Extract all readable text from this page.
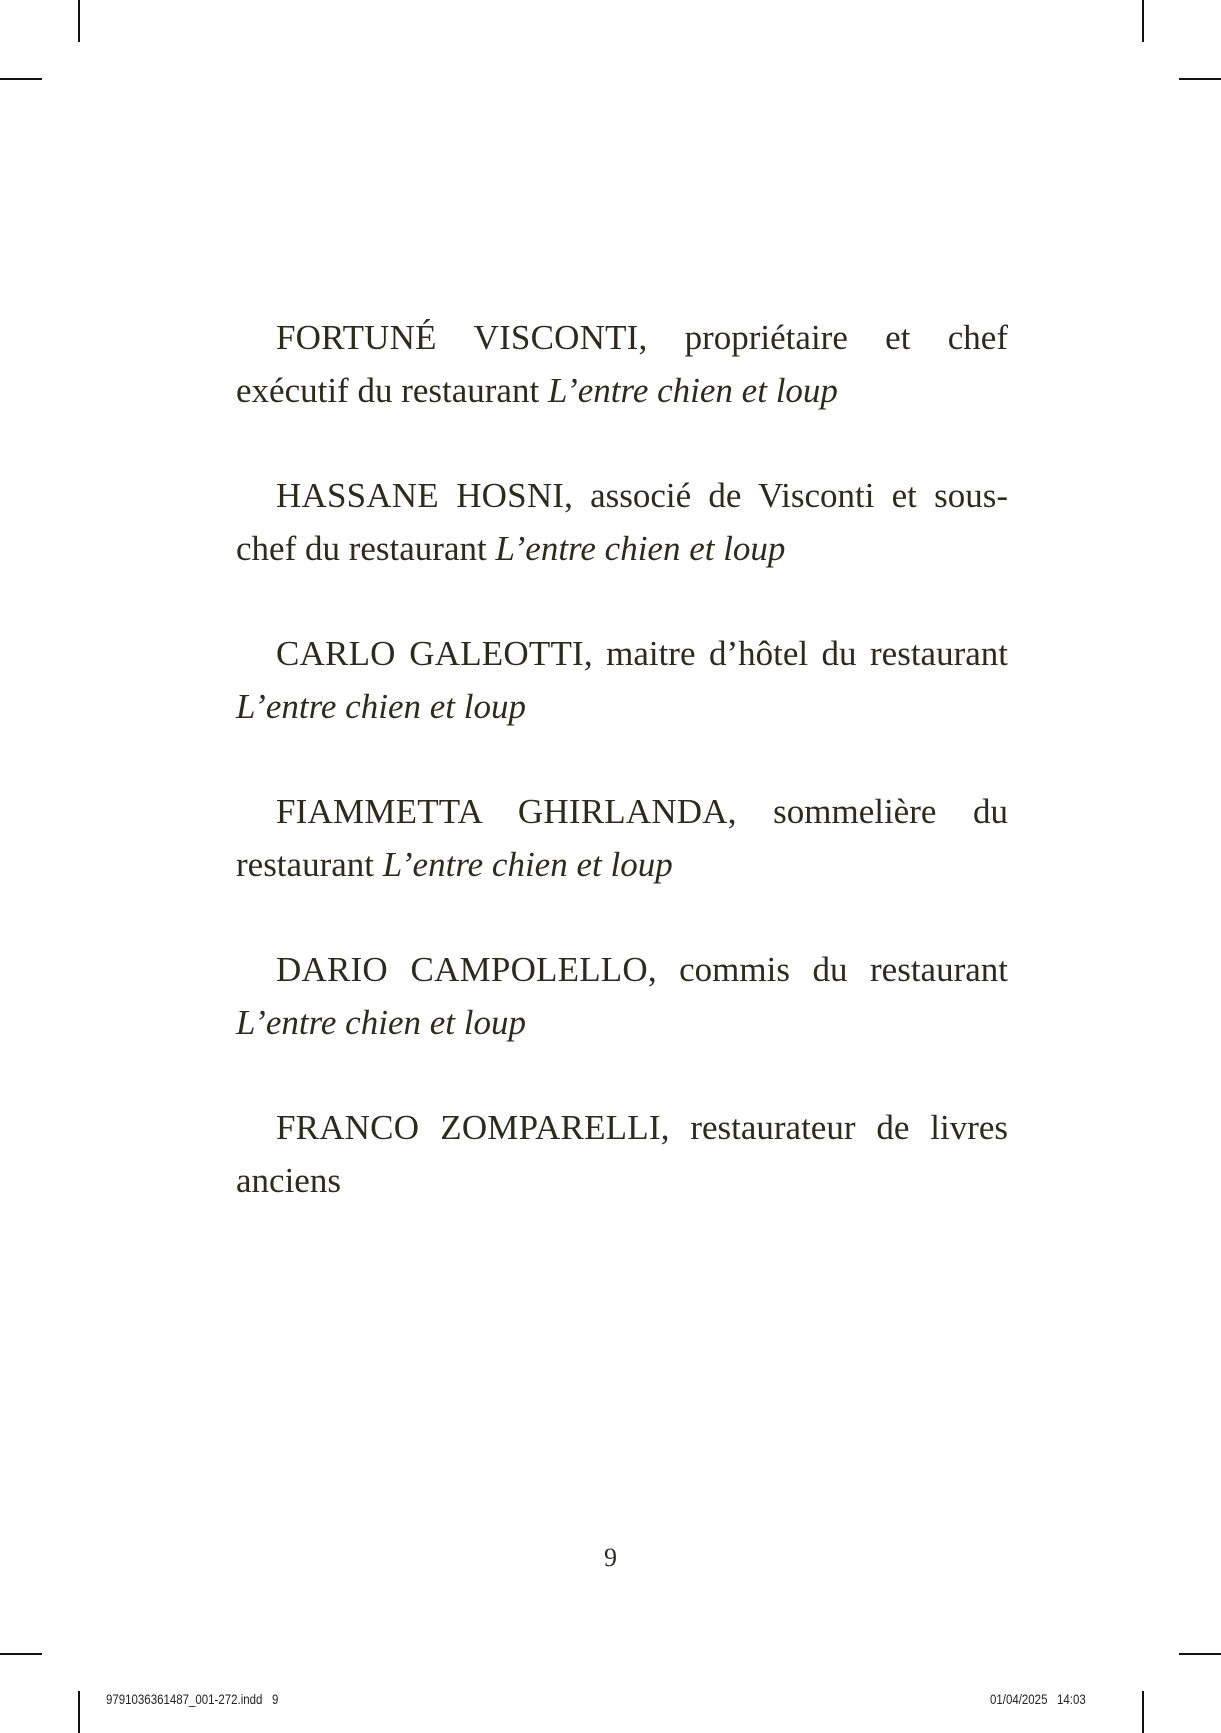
FORTUNÉ VISCONTI, propriétaire et chef exécutif du restaurant L’entre chien et loup

HASSANE HOSNI, associé de Visconti et sous-chef du restaurant L’entre chien et loup

CARLO GALEOTTI, maitre d’hôtel du restaurant L’entre chien et loup

FIAMMETTA GHIRLANDA, sommelière du restaurant L’entre chien et loup

DARIO CAMPOLELLO, commis du restaurant L’entre chien et loup

FRANCO ZOMPARELLI, restaurateur de livres anciens

9
9791036361487_001-272.indd   9	01/04/2025   14:03
